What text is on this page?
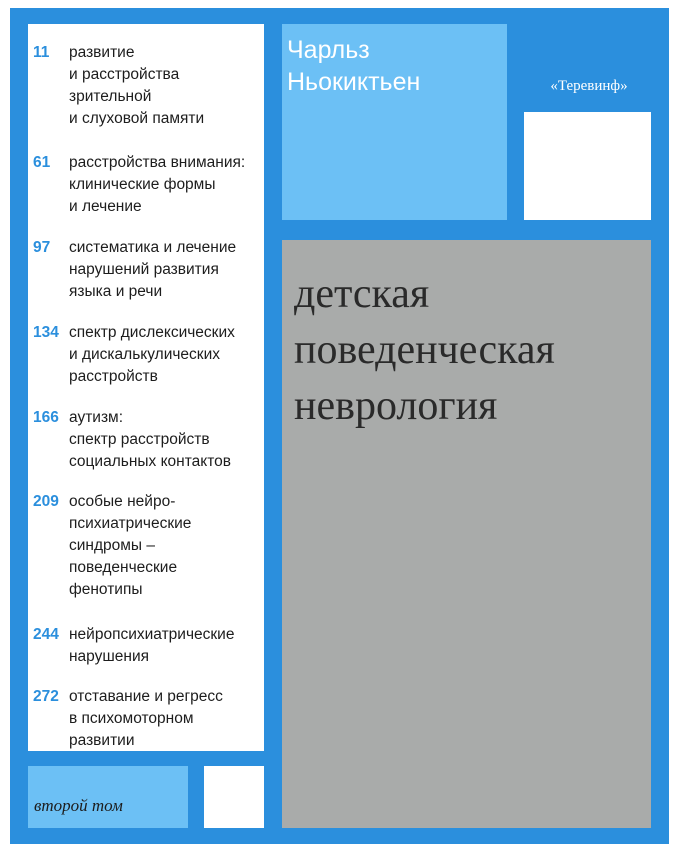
11 развитие
и расстройства
зрительной
и слуховой памяти
61 расстройства внимания:
клинические формы
и лечение
97 систематика и лечение
нарушений развития
языка и речи
134 спектр дислексических
и дискалькулических
расстройств
166 аутизм:
спектр расстройств
социальных контактов
209 особые нейро-
психиатрические
синдромы –
поведенческие
фенотипы
244 нейропсихиатрические
нарушения
272 отставание и регресс
в психомоторном
развитии
второй том
Чарльз
Ньокиктьен	«Теревинф»
детская
поведенческая
неврология
